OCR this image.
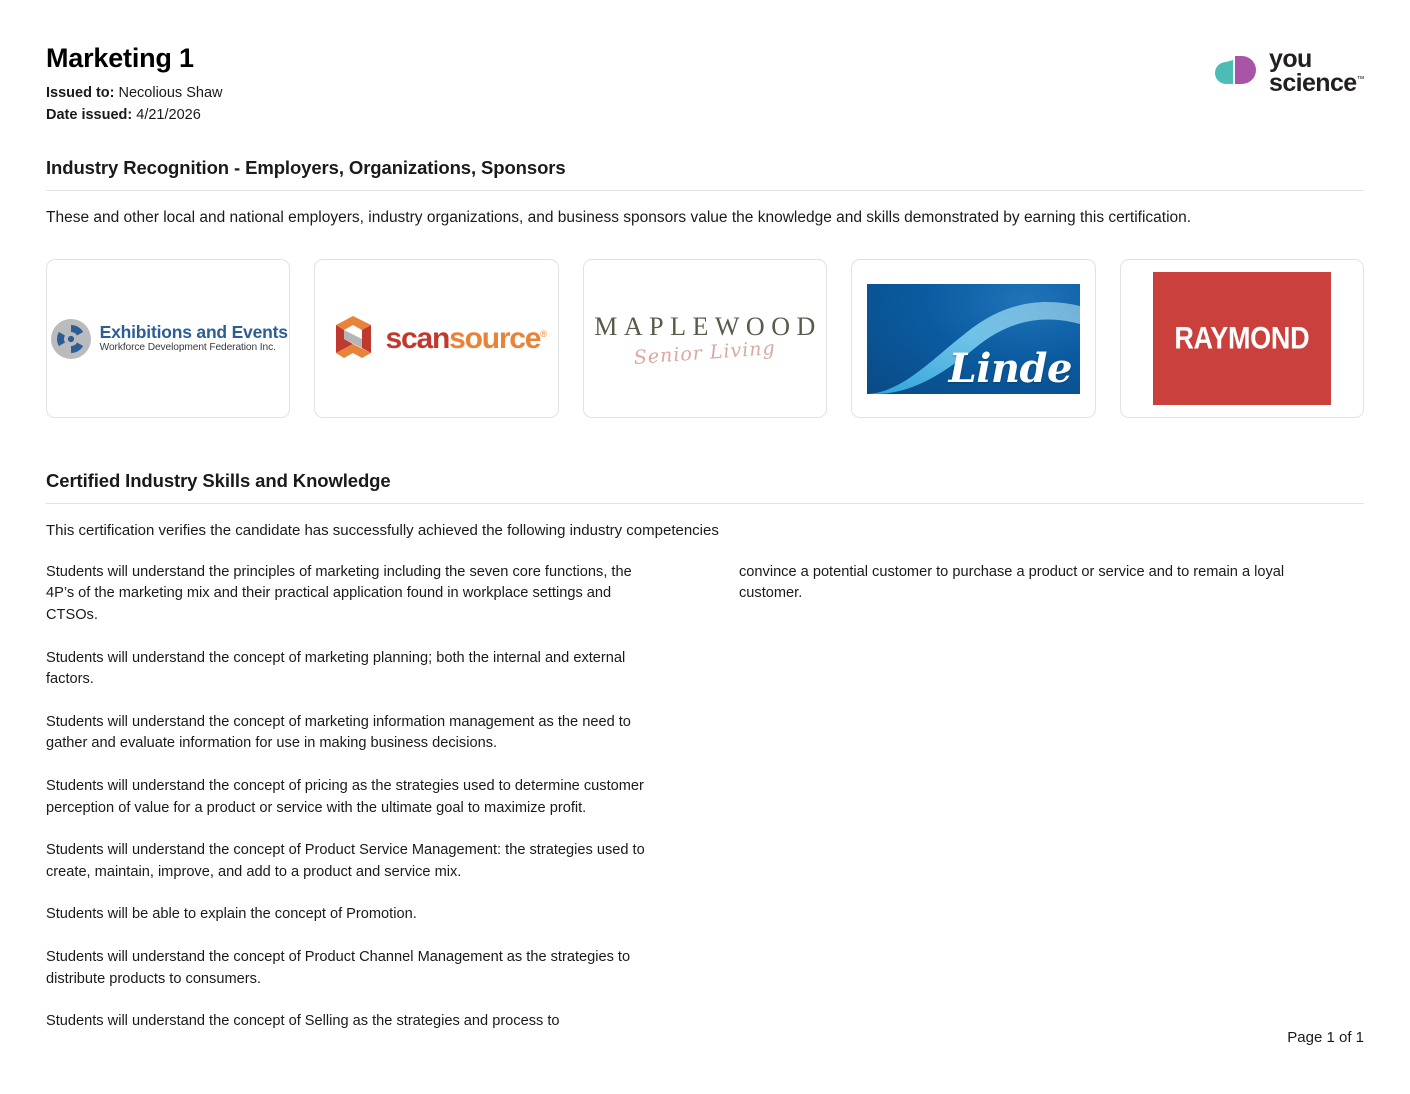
Marketing 1
Issued to: Necolious Shaw
Date issued: 4/21/2026
you
science™
Industry Recognition - Employers, Organizations, Sponsors

These and other local and national employers, industry organizations, and business sponsors value the knowledge and skills demonstrated by earning this certification.

Exhibitions and Events
Workforce Development Federation Inc.	scansource® MAPLEWOOD
Senior Living	Linde
RAYMOND
Certified Industry Skills and Knowledge

This certification verifies the candidate has successfully achieved the following industry competencies

Students will understand the principles of marketing including the seven core functions, the 4P’s of the marketing mix and their practical application found in workplace settings and CTSOs.

Students will understand the concept of marketing planning; both the internal and external factors.

Students will understand the concept of marketing information management as the need to gather and evaluate information for use in making business decisions.

Students will understand the concept of pricing as the strategies used to determine customer perception of value for a product or service with the ultimate goal to maximize profit.

Students will understand the concept of Product Service Management: the strategies used to create, maintain, improve, and add to a product and service mix.

Students will be able to explain the concept of Promotion.

Students will understand the concept of Product Channel Management as the strategies to distribute products to consumers.

Students will understand the concept of Selling as the strategies and process to

convince a potential customer to purchase a product or service and to remain a loyal customer.

Page 1 of 1
